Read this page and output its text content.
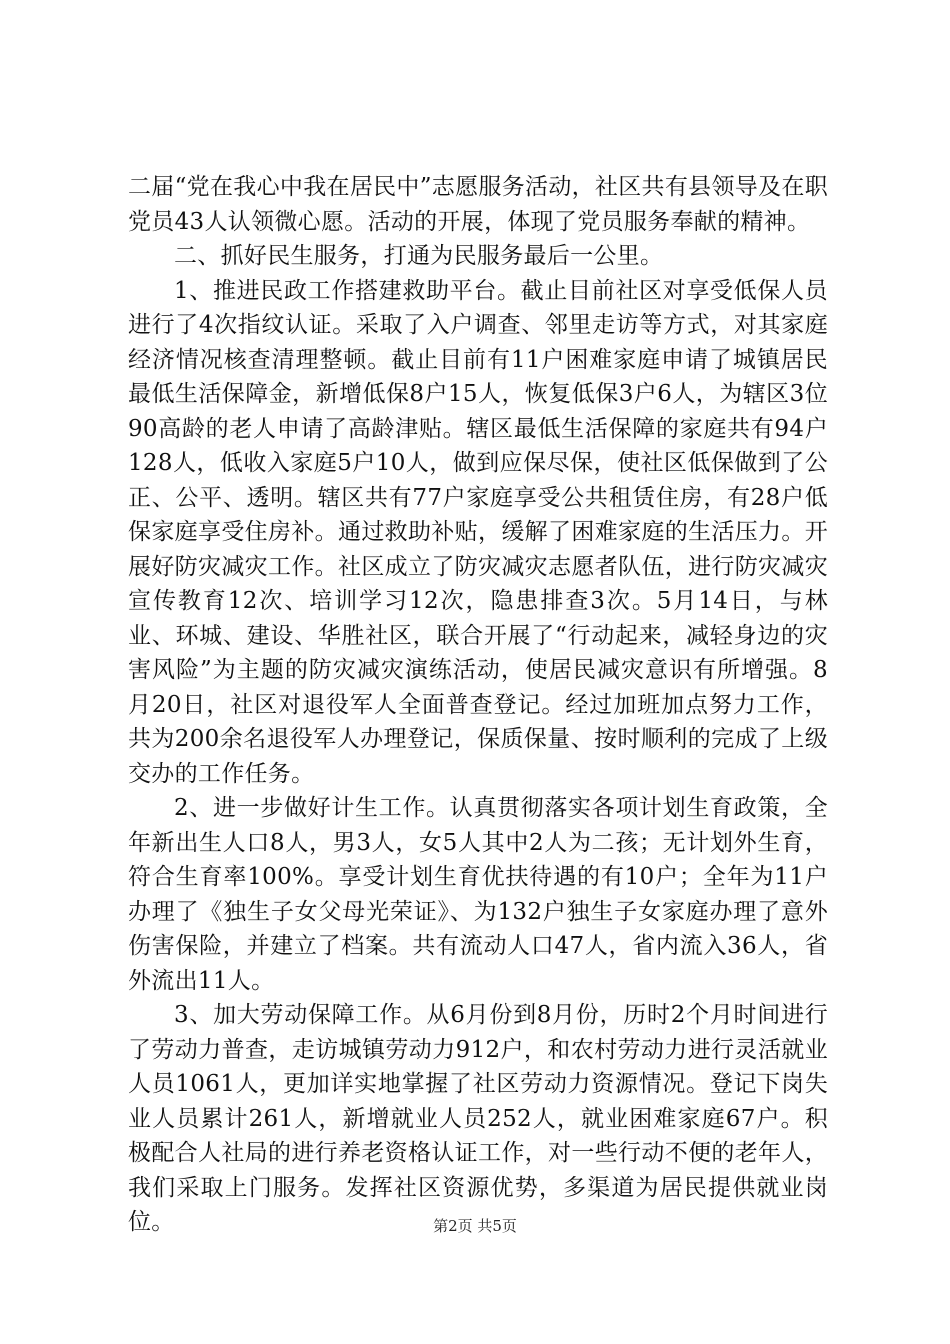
二届“党在我心中我在居民中”志愿服务活动，社区共有县领导及在职党员43人认领微心愿。活动的开展，体现了党员服务奉献的精神。

二、抓好民生服务，打通为民服务最后一公里。

1、推进民政工作搭建救助平台。截止目前社区对享受低保人员进行了4次指纹认证。采取了入户调查、邻里走访等方式，对其家庭经济情况核查清理整顿。截止目前有11户困难家庭申请了城镇居民最低生活保障金，新增低保8户15人，恢复低保3户6人，为辖区3位90高龄的老人申请了高龄津贴。辖区最低生活保障的家庭共有94户128人，低收入家庭5户10人，做到应保尽保，使社区低保做到了公正、公平、透明。辖区共有77户家庭享受公共租赁住房，有28户低保家庭享受住房补。通过救助补贴，缓解了困难家庭的生活压力。开展好防灾减灾工作。社区成立了防灾减灾志愿者队伍，进行防灾减灾宣传教育12次、培训学习12次，隐患排查3次。5月14日，与林业、环城、建设、华胜社区，联合开展了“行动起来，减轻身边的灾害风险”为主题的防灾减灾演练活动，使居民减灾意识有所增强。8月20日，社区对退役军人全面普查登记。经过加班加点努力工作，共为200余名退役军人办理登记，保质保量、按时顺利的完成了上级交办的工作任务。

2、进一步做好计生工作。认真贯彻落实各项计划生育政策，全年新出生人口8人，男3人，女5人其中2人为二孩；无计划外生育，符合生育率100%。享受计划生育优扶待遇的有10户；全年为11户办理了《独生子女父母光荣证》、为132户独生子女家庭办理了意外伤害保险，并建立了档案。共有流动人口47人，省内流入36人，省外流出11人。

3、加大劳动保障工作。从6月份到8月份，历时2个月时间进行了劳动力普查，走访城镇劳动力912户，和农村劳动力进行灵活就业人员1061人，更加详实地掌握了社区劳动力资源情况。登记下岗失业人员累计261人，新增就业人员252人，就业困难家庭67户。积极配合人社局的进行养老资格认证工作，对一些行动不便的老年人，我们采取上门服务。发挥社区资源优势，多渠道为居民提供就业岗位。	第2页 共5页
